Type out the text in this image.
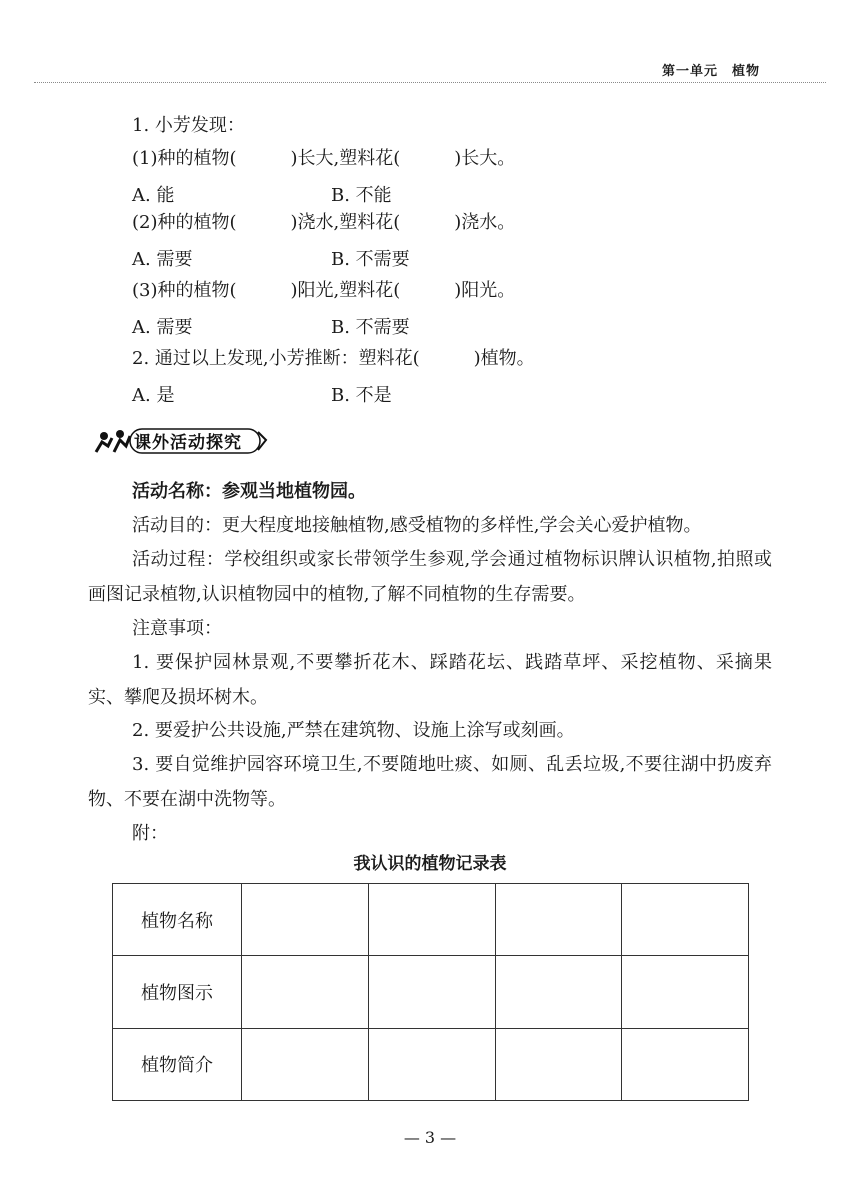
第一单元　植物
1. 小芳发现：
(1)种的植物(　　　)长大,塑料花(　　　)长大。
A. 能	B. 不能
(2)种的植物(　　　)浇水,塑料花(　　　)浇水。
A. 需要	B. 不需要
(3)种的植物(　　　)阳光,塑料花(　　　)阳光。
A. 需要	B. 不需要
2. 通过以上发现,小芳推断：塑料花(　　　)植物。
A. 是	B. 不是
课外活动探究
活动名称：参观当地植物园。
活动目的：更大程度地接触植物,感受植物的多样性,学会关心爱护植物。
活动过程：学校组织或家长带领学生参观,学会通过植物标识牌认识植物,拍照或画图记录植物,认识植物园中的植物,了解不同植物的生存需要。
注意事项：
1. 要保护园林景观,不要攀折花木、踩踏花坛、践踏草坪、采挖植物、采摘果实、攀爬及损坏树木。
2. 要爱护公共设施,严禁在建筑物、设施上涂写或刻画。
3. 要自觉维护园容环境卫生,不要随地吐痰、如厕、乱丢垃圾,不要往湖中扔废弃物、不要在湖中洗物等。
附：
我认识的植物记录表
植物名称				
植物图示				
植物简介				
— 3 —
